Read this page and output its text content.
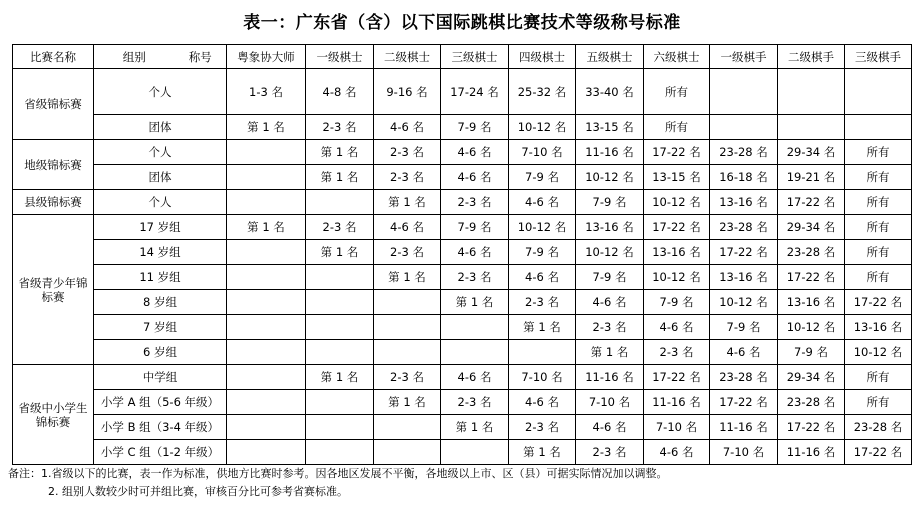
表一：广东省（含）以下国际跳棋比赛技术等级称号标准
比赛名称	组别	称号	粤象协大师	一级棋士	二级棋士	三级棋士	四级棋士	五级棋士	六级棋士	一级棋手	二级棋手	三级棋手
省级锦标赛	个人		1-3 名	4-8 名	9-16 名	17-24 名	25-32 名	33-40 名	所有			
	团体		第 1 名	2-3 名	4-6 名	7-9 名	10-12 名	13-15 名	所有			
地级锦标赛	个人			第 1 名	2-3 名	4-6 名	7-10 名	11-16 名	17-22 名	23-28 名	29-34 名	所有
	团体			第 1 名	2-3 名	4-6 名	7-9 名	10-12 名	13-15 名	16-18 名	19-21 名	所有
县级锦标赛	个人				第 1 名	2-3 名	4-6 名	7-9 名	10-12 名	13-16 名	17-22 名	所有
省级青少年锦标赛	17 岁组		第 1 名	2-3 名	4-6 名	7-9 名	10-12 名	13-16 名	17-22 名	23-28 名	29-34 名	所有
	14 岁组			第 1 名	2-3 名	4-6 名	7-9 名	10-12 名	13-16 名	17-22 名	23-28 名	所有
	11 岁组				第 1 名	2-3 名	4-6 名	7-9 名	10-12 名	13-16 名	17-22 名	所有
	8 岁组					第 1 名	2-3 名	4-6 名	7-9 名	10-12 名	13-16 名	17-22 名
	7 岁组						第 1 名	2-3 名	4-6 名	7-9 名	10-12 名	13-16 名
	6 岁组							第 1 名	2-3 名	4-6 名	7-9 名	10-12 名
省级中小学生锦标赛	中学组			第 1 名	2-3 名	4-6 名	7-10 名	11-16 名	17-22 名	23-28 名	29-34 名	所有
	小学 A 组（5-6 年级）				第 1 名	2-3 名	4-6 名	7-10 名	11-16 名	17-22 名	23-28 名	所有
	小学 B 组（3-4 年级）					第 1 名	2-3 名	4-6 名	7-10 名	11-16 名	17-22 名	23-28 名
	小学 C 组（1-2 年级）						第 1 名	2-3 名	4-6 名	7-10 名	11-16 名	17-22 名
备注：1.省级以下的比赛，表一作为标准，供地方比赛时参考。因各地区发展不平衡，各地级以上市、区（县）可据实际情况加以调整。
2. 组别人数较少时可并组比赛，审核百分比可参考省赛标准。
